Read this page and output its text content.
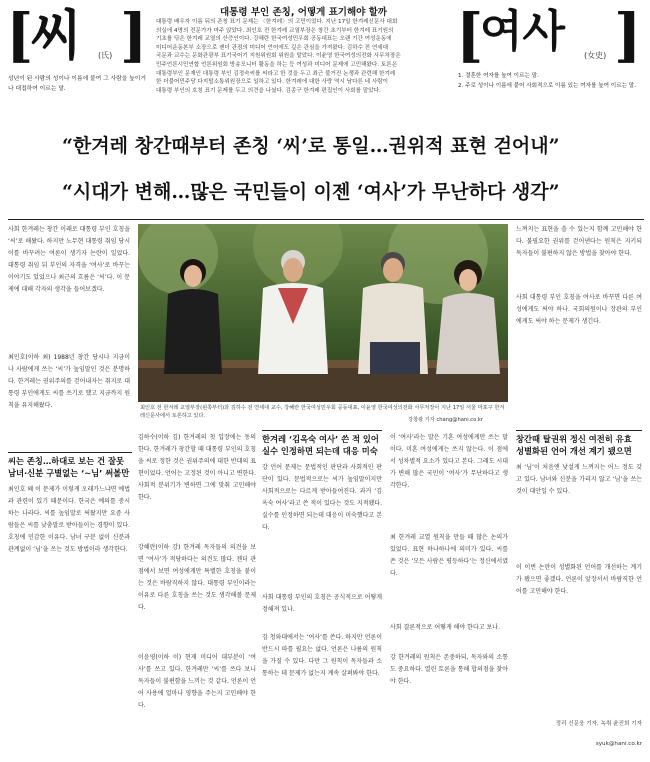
[
씨 (氏) ]
성년이 된 사람의 성이나 이름에 붙여 그 사람을 높이거나 대접하여 이르는 말.
대통령 부인 존칭, 어떻게 표기해야 할까
대통령 배우자 이름 뒤의 존칭 표기 문제는 〈한겨레〉의 고민이었다. 지난 17일 한겨레신문사 대회
의실에 4명의 전문가가 마주 앉았다. 최인호 전 한겨레 교열부장은 창간 초기부터 한겨레 표기원의
기초를 닦은 한겨레 교열의 산증인이다. 강혜란 한국여성민우회 공동대표는 오랜 기간 여성운동에
미디어운동본부 소장으로 젠더 관점의 미디어 언어에도 깊은 관심을 가져왔다. 김하수 전 연세대
국문과 교수는 문화관광부 표기국어기 지원위원회 위원을 맡았다. 이윤영 한국여성의전화 사무처장은
민주언론시민연합 언론위원회 방송모니터 활동을 하는 등 여성과 미디어 문제에 고민해왔다. 토론은
대통령부인 문재인 대통령 부인 김정숙씨를 씨라고 한 것을 두고 최근 불거진 논쟁과 관련해 한겨레
한 더불어민주당 다지털소통위원장으로 일하고 있다. 한겨레에 대한 사랑 역시 남다른 네 사람이
대통령 부인의 호칭 표기 문제를 두고 의견을 나눴다. 김종구 한겨레 편집인이 사회를 맡았다.
[
여사 (女史) ]
1. 결혼한 여자를 높여 이르는 말.
2. 주로 성이나 이름에 붙어 사회적으로 이름 있는 여자를 높여 이르는 말.
“한겨레 창간때부터 존칭 ‘씨’로 통일…권위적 표현 걷어내”
“시대가 변해…많은 국민들이 이젠 ‘여사’가 무난하다 생각”
사회 한겨레는 창간 이래로 대통령 부인 호칭을 ‘씨’로 해왔다. 하지만 노무현 대통령 취임 당시 이를 바꾸려는 여론이 생기자 논란이 일었다. 대통령 취임 뒤 부인의 자격을 ‘여사’로 바꾸는 이야기도 있었으나 최근의 흐름은 ‘씨’다. 이 문제에 대해 각자의 생각을 들어보겠다.
최인호(이하 최) 1988년 창간 당시나 지금이나 사람에게 쓰는 ‘씨’가 높임말인 것은 분명하다. 한겨레는 권위주의를 걷어내자는 취지로 대통령 부인에게도 씨를 쓰기로 했고 지금까지 원칙을 유지해왔다.	최인호 전 한겨레 교열부장(왼쪽부터)과 김하수 전 연세대 교수, 강혜란 한국여성민우회 공동대표, 이윤영 한국여성의전화 사무처장이 지난 17일 서울 마포구 한겨레신문사에서 토론하고 있다.
강창광 기자 chang@hani.co.kr
느껴지는 표현을 쓸 수 있는지 함께 고민해야 한다. 불필요한 권위를 걷어낸다는 원칙은 지키되 독자들이 불편하지 않은 방법을 찾아야 한다.
사회 대통령 부인 호칭을 여사로 바꾸면 다른 여성에게도 써야 하나. 국회의원이나 장관의 부인에게도 써야 하는 문제가 생긴다.
씨는 존칭…하대로 보는 건 잘못
남녀·신분 구별없는 ‘~님’ 써볼만
창간때 탈권위 정신 여전히 유효
성별화된 언어 개선 계기 됐으면
최인호 왜 이 문제가 이렇게 오래가느냐면 예법과 관련이 있기 때문이다. 한국은 예의를 중시하는 나라다. 씨를 높임말로 써왔지만 요즘 사람들은 씨를 낮춤말로 받아들이는 경향이 있다. 호칭에 민감한 이유다. 남녀 구분 없이 신분과 관계없이 ‘님’을 쓰는 것도 방법이라 생각한다.
김하수(이하 김) 한겨레의 첫 입장에는 동의한다. 한겨레가 창간할 때 대통령 부인의 호칭을 씨로 정한 것은 권위주의에 대한 반대의 표현이었다. 언어는 고정된 것이 아니고 변한다. 사회적 분위기가 변하면 그에 맞춰 고민해야 한다.
강혜란(이하 강) 한겨레 독자들의 의견을 보면 ‘여사’가 적당하다는 의견도 많다. 젠더 관점에서 보면 여성에게만 특별한 호칭을 붙이는 것은 바람직하지 않다. 대통령 부인이라는 이유로 다른 호칭을 쓰는 것도 생각해볼 문제다.
이윤영(이하 이) 현재 미디어 대부분이 ‘여사’를 쓰고 있다. 한겨레만 ‘씨’를 쓰다 보니 독자들이 불편함을 느끼는 것 같다. 언론이 언어 사용에 얼마나 영향을 주는지 고민해야 한다.
한겨레 ‘김옥숙 여사’ 쓴 적 있어
실수 인정하면 되는데 대응 미숙
강 언어 문제는 문법적인 판단과 사회적인 판단이 있다. 문법적으로는 씨가 높임말이지만 사회적으로는 다르게 받아들여진다. 과거 ‘김옥숙 여사’라고 쓴 적이 있다는 것도 지적됐다. 실수를 인정하면 되는데 대응이 미숙했다고 본다.
사회 대통령 부인의 호칭은 공식적으로 어떻게 정해져 있나.
김 청와대에서는 ‘여사’를 쓴다. 하지만 언론이 반드시 따를 필요는 없다. 언론은 나름의 원칙을 가질 수 있다. 다만 그 원칙이 독자들과 소통하는 데 문제가 없는지 계속 살펴봐야 한다.
이 ‘여사’라는 말은 기혼 여성에게만 쓰는 말이다. 미혼 여성에게는 쓰지 않는다. 이 점에서 성차별적 요소가 있다고 본다. 그래도 시대가 변해 많은 국민이 ‘여사’가 무난하다고 생각한다.
최 한겨레 교열 원칙을 만들 때 많은 논의가 있었다. 표현 하나하나에 의미가 있다. 씨를 쓴 것은 ‘모든 사람은 평등하다’는 정신에서였다.
사회 결론적으로 어떻게 해야 한다고 보나.
강 한겨레의 원칙은 존중하되, 독자와의 소통도 중요하다. 열린 토론을 통해 합의점을 찾아야 한다.
최 ‘님’이 처음엔 낯설게 느껴지는 어느 정도 갖고 있다. 남녀와 신분을 가리지 않고 ‘님’을 쓰는 것이 대안일 수 있다.
이 이번 논란이 성별화된 언어를 개선하는 계기가 됐으면 좋겠다. 언론이 앞장서서 바람직한 언어를 고민해야 한다.
정리 신문웅 기자, 녹취 윤진희 기자
syuk@hani.co.kr
